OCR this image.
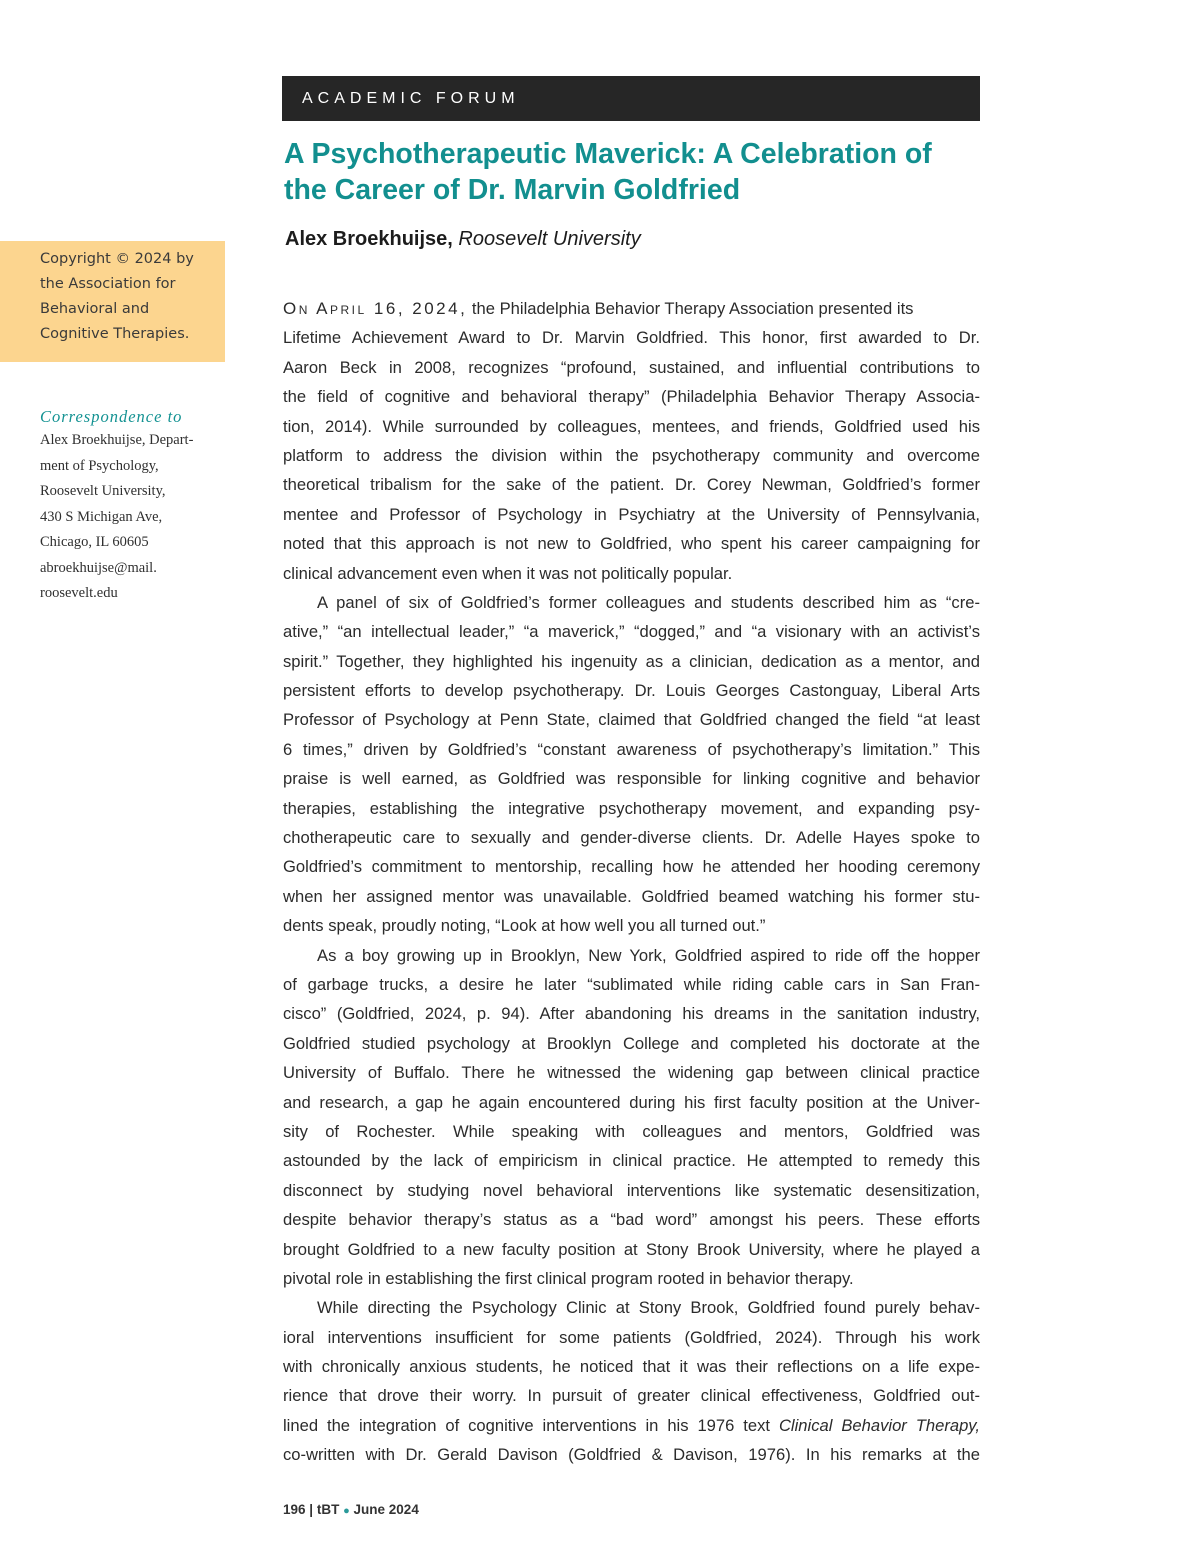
ACADEMIC FORUM
A Psychotherapeutic Maverick: A Celebration of
the Career of Dr. Marvin Goldfried
Alex Broekhuijse, Roosevelt University
Copyright © 2024 by
the Association for
Behavioral and
Cognitive Therapies.
Correspondence to
Alex Broekhuijse, Depart-
ment of Psychology,
Roosevelt University,
430 S Michigan Ave,
Chicago, IL 60605
abroekhuijse@mail.
roosevelt.edu
On April 16, 2024, the Philadelphia Behavior Therapy Association presented its
Lifetime Achievement Award to Dr. Marvin Goldfried. This honor, first awarded to Dr.
Aaron Beck in 2008, recognizes “profound, sustained, and influential contributions to
the field of cognitive and behavioral therapy” (Philadelphia Behavior Therapy Associa-
tion, 2014). While surrounded by colleagues, mentees, and friends, Goldfried used his
platform to address the division within the psychotherapy community and overcome
theoretical tribalism for the sake of the patient. Dr. Corey Newman, Goldfried’s former
mentee and Professor of Psychology in Psychiatry at the University of Pennsylvania,
noted that this approach is not new to Goldfried, who spent his career campaigning for
clinical advancement even when it was not politically popular.
A panel of six of Goldfried’s former colleagues and students described him as “cre-
ative,” “an intellectual leader,” “a maverick,” “dogged,” and “a visionary with an activist’s
spirit.” Together, they highlighted his ingenuity as a clinician, dedication as a mentor, and
persistent efforts to develop psychotherapy. Dr. Louis Georges Castonguay, Liberal Arts
Professor of Psychology at Penn State, claimed that Goldfried changed the field “at least
6 times,” driven by Goldfried’s “constant awareness of psychotherapy’s limitation.” This
praise is well earned, as Goldfried was responsible for linking cognitive and behavior
therapies, establishing the integrative psychotherapy movement, and expanding psy-
chotherapeutic care to sexually and gender-diverse clients. Dr. Adelle Hayes spoke to
Goldfried’s commitment to mentorship, recalling how he attended her hooding ceremony
when her assigned mentor was unavailable. Goldfried beamed watching his former stu-
dents speak, proudly noting, “Look at how well you all turned out.”
As a boy growing up in Brooklyn, New York, Goldfried aspired to ride off the hopper
of garbage trucks, a desire he later “sublimated while riding cable cars in San Fran-
cisco” (Goldfried, 2024, p. 94). After abandoning his dreams in the sanitation industry,
Goldfried studied psychology at Brooklyn College and completed his doctorate at the
University of Buffalo. There he witnessed the widening gap between clinical practice
and research, a gap he again encountered during his first faculty position at the Univer-
sity of Rochester. While speaking with colleagues and mentors, Goldfried was
astounded by the lack of empiricism in clinical practice. He attempted to remedy this
disconnect by studying novel behavioral interventions like systematic desensitization,
despite behavior therapy’s status as a “bad word” amongst his peers. These efforts
brought Goldfried to a new faculty position at Stony Brook University, where he played a
pivotal role in establishing the first clinical program rooted in behavior therapy.
While directing the Psychology Clinic at Stony Brook, Goldfried found purely behav-
ioral interventions insufficient for some patients (Goldfried, 2024). Through his work
with chronically anxious students, he noticed that it was their reflections on a life expe-
rience that drove their worry. In pursuit of greater clinical effectiveness, Goldfried out-
lined the integration of cognitive interventions in his 1976 text Clinical Behavior Therapy,
co-written with Dr. Gerald Davison (Goldfried & Davison, 1976). In his remarks at the
196 | tBT ● June 2024
